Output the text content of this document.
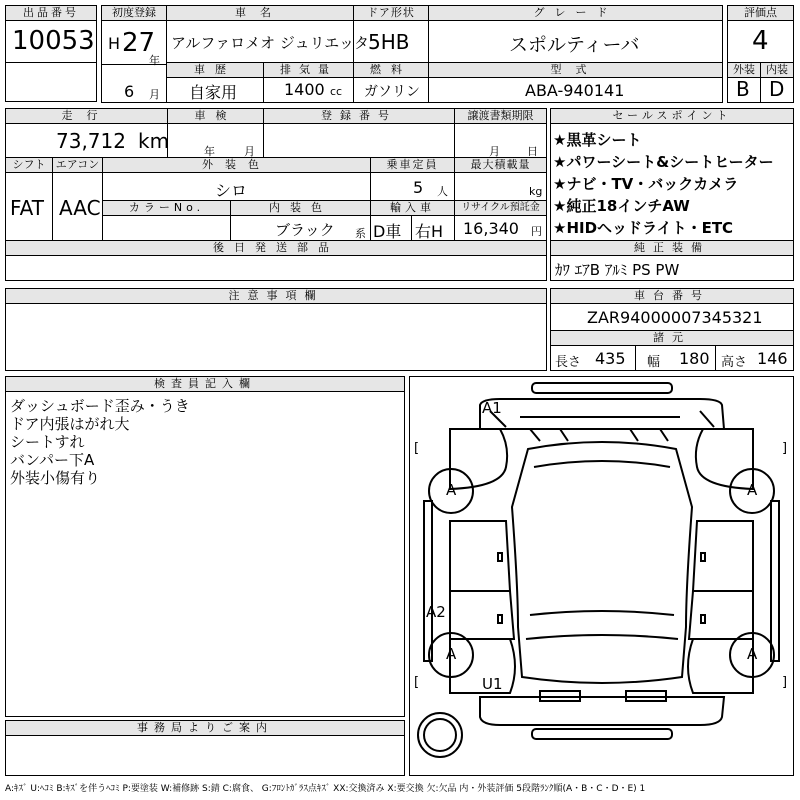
出品番号
10053
初度登録
H 27
年
6 月
車名
アルファロメオ ジュリエッタ
ドア形状
5HB
グレード
スポルティーバ
評価点
4
車歴
自家用
排気量
1400 cc
燃料
ガソリン
型式
ABA-940141
外装
B
内装
D
走行
73,712 km
車検
年	月
登録番号	譲渡書類期限
月 日
シフト
FAT
エアコン
AAC
外装色
シロ
乗車定員
5 人
最大積載量
kg
カラーNo.	内装色
ブラック 系
輸入車
D車 右H
リサイクル預託金
16,340 円
後日発送部品
セールスポイント
★黒革シート
★パワーシート&シートヒーター
★ナビ・TV・バックカメラ
★純正18インチAW
★HIDヘッドライト・ETC
純正装備
ｶﾜ ｴｱB ｱﾙﾐ PS PW
注意事項欄	車台番号
ZAR94000007345321
諸元
長さ 435 幅 180 高さ 146
検査員記入欄
ダッシュボード歪み・うき
ドア内張はがれ大
シートすれ
バンパー下A
外装小傷有り
事務局よりご案内
A1
A2
U1
A	A
A	A
[	]
[	]
A:ｷｽﾞ U:ﾍｺﾐ B:ｷｽﾞを伴うﾍｺﾐ P:要塗装 W:補修跡 S:錆 C:腐食、 G:ﾌﾛﾝﾄｶﾞﾗｽ点ｷｽﾞ XX:交換済み X:要交換 欠:欠品 内・外装評価 5段階ﾗﾝｸ順(A・B・C・D・E) 1
